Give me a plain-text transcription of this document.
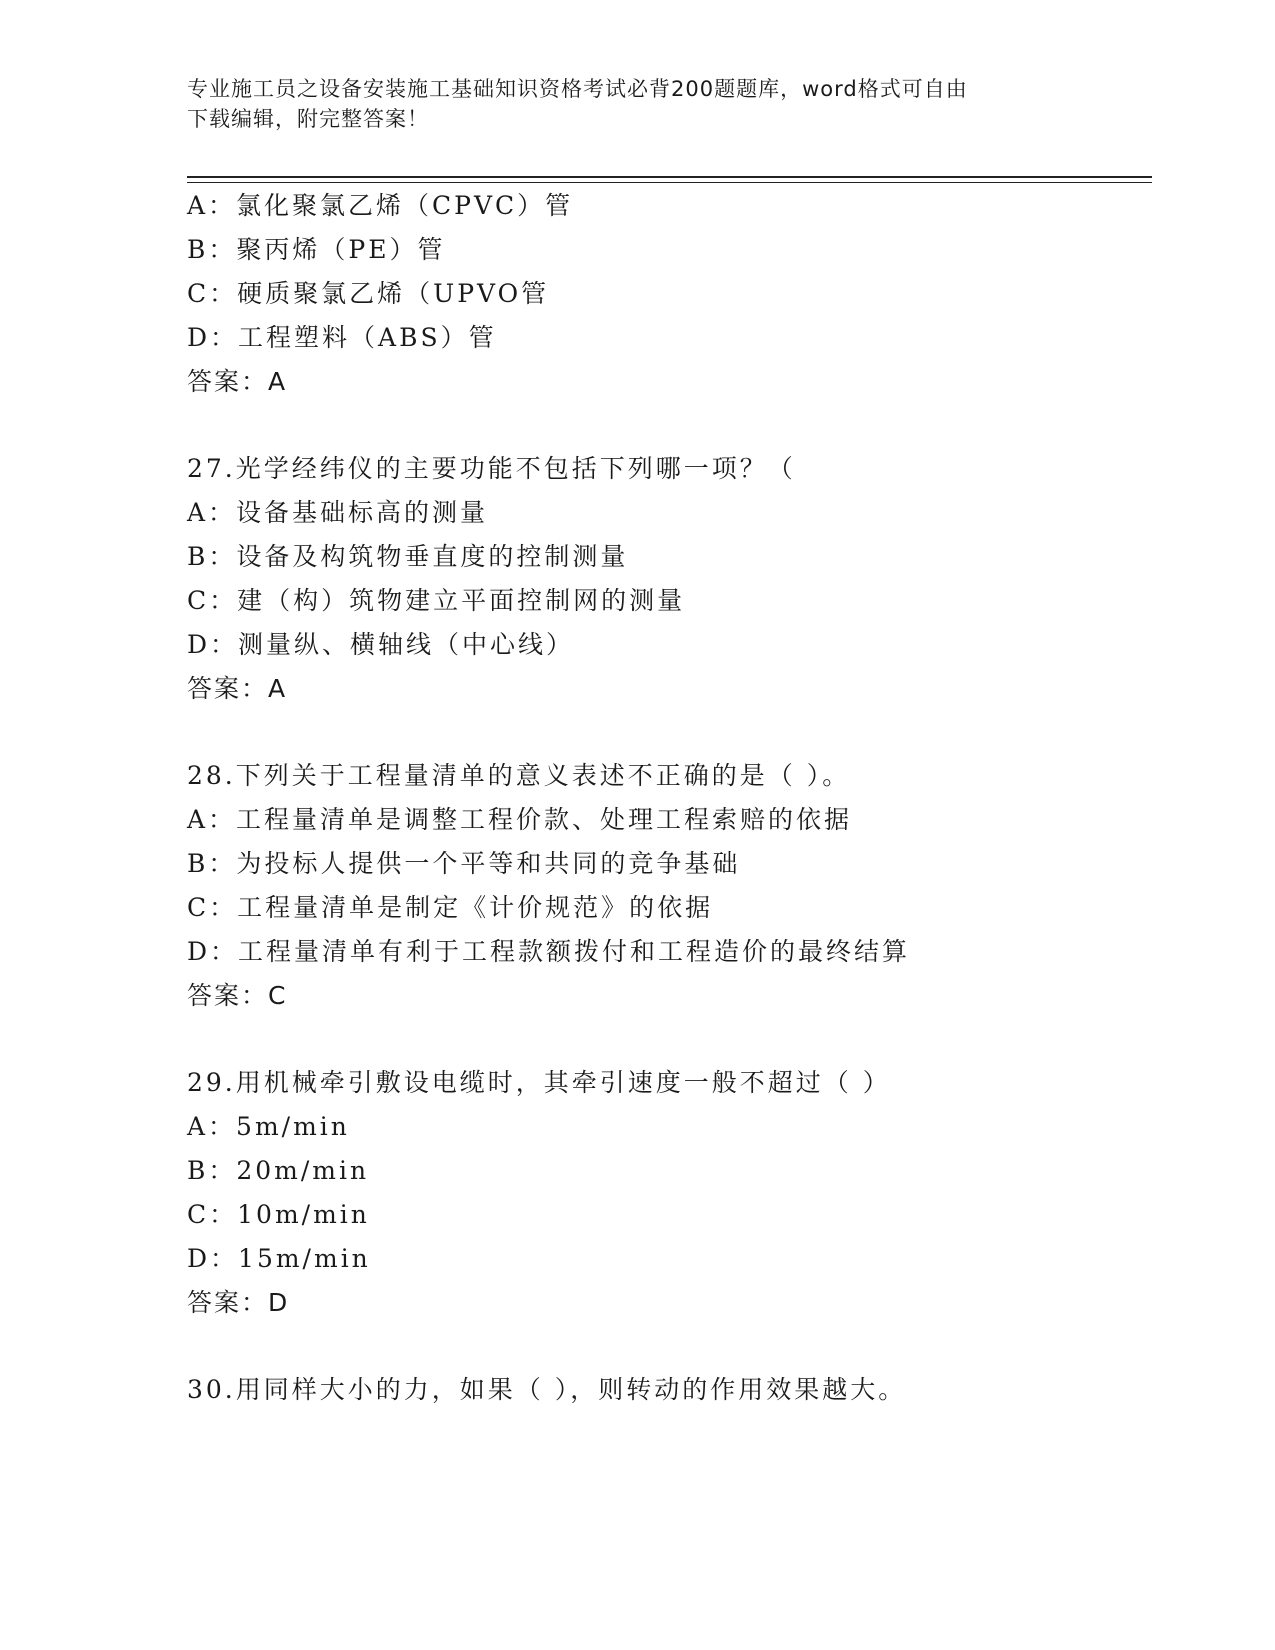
专业施工员之设备安装施工基础知识资格考试必背200题题库，word格式可自由
下载编辑，附完整答案！
A：氯化聚氯乙烯（CPVC）管
B：聚丙烯（PE）管
C：硬质聚氯乙烯（UPVO管
D：工程塑料（ABS）管
答案：A
27.光学经纬仪的主要功能不包括下列哪一项？（
A：设备基础标高的测量
B：设备及构筑物垂直度的控制测量
C：建（构）筑物建立平面控制网的测量
D：测量纵、横轴线（中心线）
答案：A
28.下列关于工程量清单的意义表述不正确的是（ ）。
A：工程量清单是调整工程价款、处理工程索赔的依据
B：为投标人提供一个平等和共同的竞争基础
C：工程量清单是制定《计价规范》的依据
D：工程量清单有利于工程款额拨付和工程造价的最终结算
答案：C
29.用机械牵引敷设电缆时，其牵引速度一般不超过（ ）
A：5m/min
B：20m/min
C：10m/min
D：15m/min
答案：D
30.用同样大小的力，如果（ ），则转动的作用效果越大。
